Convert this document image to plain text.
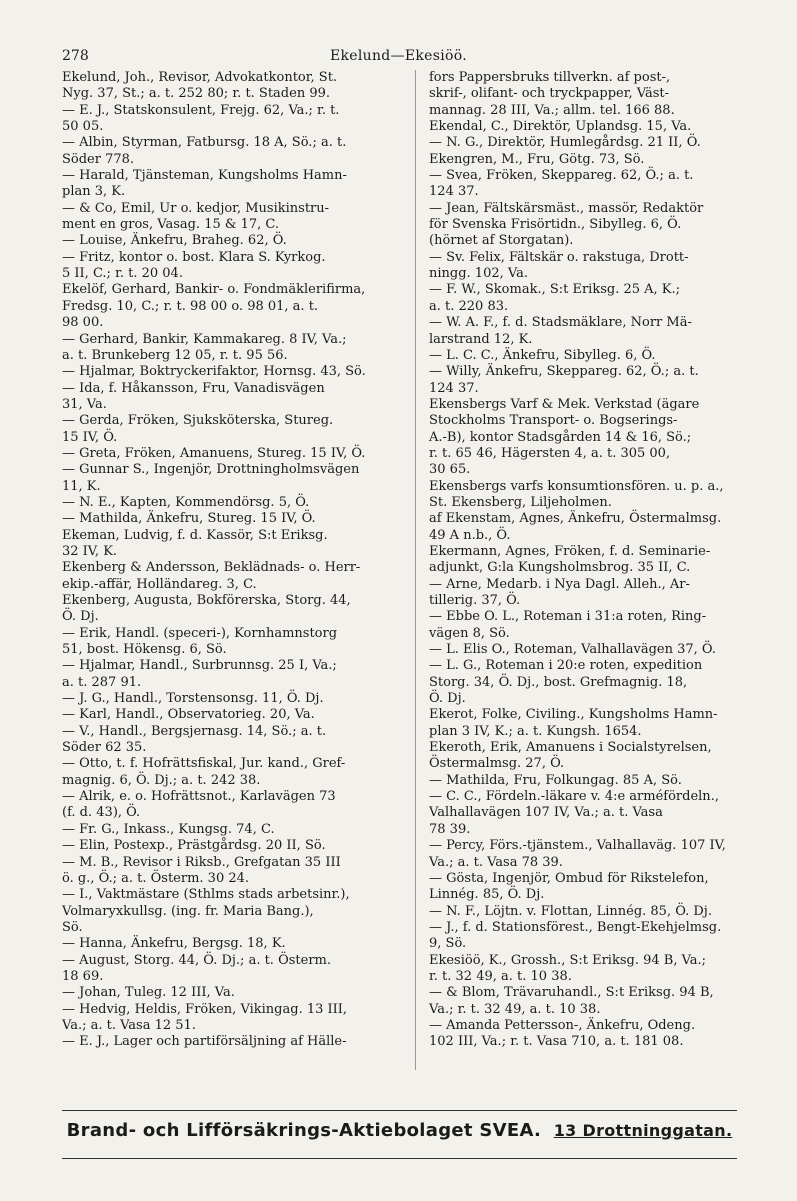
278	Ekelund—Ekesiöö.
Ekelund, Joh., Revisor, Advokatkontor, St.
Nyg. 37, St.; a. t. 252 80; r. t. Staden 99.
— E. J., Statskonsulent, Frejg. 62, Va.; r. t.
50 05.
— Albin, Styrman, Fatbursg. 18 A, Sö.; a. t.
Söder 778.
— Harald, Tjänsteman, Kungsholms Hamn-
plan 3, K.
— & Co, Emil, Ur o. kedjor, Musikinstru-
ment en gros, Vasag. 15 & 17, C.
— Louise, Änkefru, Braheg. 62, Ö.
— Fritz, kontor o. bost. Klara S. Kyrkog.
5 II, C.; r. t. 20 04.
Ekelöf, Gerhard, Bankir- o. Fondmäklerifirma,
Fredsg. 10, C.; r. t. 98 00 o. 98 01, a. t.
98 00.
— Gerhard, Bankir, Kammakareg. 8 IV, Va.;
a. t. Brunkeberg 12 05, r. t. 95 56.
— Hjalmar, Boktryckerifaktor, Hornsg. 43, Sö.
— Ida, f. Håkansson, Fru, Vanadisvägen
31, Va.
— Gerda, Fröken, Sjuksköterska, Stureg.
15 IV, Ö.
— Greta, Fröken, Amanuens, Stureg. 15 IV, Ö.
— Gunnar S., Ingenjör, Drottningholmsvägen
11, K.
— N. E., Kapten, Kommendörsg. 5, Ö.
— Mathilda, Änkefru, Stureg. 15 IV, Ö.
Ekeman, Ludvig, f. d. Kassör, S:t Eriksg.
32 IV, K.
Ekenberg & Andersson, Beklädnads- o. Herr-
ekip.-affär, Holländareg. 3, C.
Ekenberg, Augusta, Bokförerska, Storg. 44,
Ö. Dj.
— Erik, Handl. (speceri-), Kornhamnstorg
51, bost. Hökensg. 6, Sö.
— Hjalmar, Handl., Surbrunnsg. 25 I, Va.;
a. t. 287 91.
— J. G., Handl., Torstensonsg. 11, Ö. Dj.
— Karl, Handl., Observatorieg. 20, Va.
— V., Handl., Bergsjernasg. 14, Sö.; a. t.
Söder 62 35.
— Otto, t. f. Hofrättsfiskal, Jur. kand., Gref-
magnig. 6, Ö. Dj.; a. t. 242 38.
— Alrik, e. o. Hofrättsnot., Karlavägen 73
(f. d. 43), Ö.
— Fr. G., Inkass., Kungsg. 74, C.
— Elin, Postexp., Prästgårdsg. 20 II, Sö.
— M. B., Revisor i Riksb., Grefgatan 35 III
ö. g., Ö.; a. t. Österm. 30 24.
— I., Vaktmästare (Sthlms stads arbetsinr.),
Volmaryxkullsg. (ing. fr. Maria Bang.),
Sö.
— Hanna, Änkefru, Bergsg. 18, K.
— August, Storg. 44, Ö. Dj.; a. t. Österm.
18 69.
— Johan, Tuleg. 12 III, Va.
— Hedvig, Heldis, Fröken, Vikingag. 13 III,
Va.; a. t. Vasa 12 51.
— E. J., Lager och partiförsäljning af Hälle-
fors Pappersbruks tillverkn. af post-,
skrif-, olifant- och tryckpapper, Väst-
mannag. 28 III, Va.; allm. tel. 166 88.
Ekendal, C., Direktör, Uplandsg. 15, Va.
— N. G., Direktör, Humlegårdsg. 21 II, Ö.
Ekengren, M., Fru, Götg. 73, Sö.
— Svea, Fröken, Skeppareg. 62, Ö.; a. t.
124 37.
— Jean, Fältskärsmäst., massör, Redaktör
för Svenska Frisörtidn., Sibylleg. 6, Ö.
(hörnet af Storgatan).
— Sv. Felix, Fältskär o. rakstuga, Drott-
ningg. 102, Va.
— F. W., Skomak., S:t Eriksg. 25 A, K.;
a. t. 220 83.
— W. A. F., f. d. Stadsmäklare, Norr Mä-
larstrand 12, K.
— L. C. C., Änkefru, Sibylleg. 6, Ö.
— Willy, Änkefru, Skeppareg. 62, Ö.; a. t.
124 37.
Ekensbergs Varf & Mek. Verkstad (ägare
Stockholms Transport- o. Bogserings-
A.-B), kontor Stadsgården 14 & 16, Sö.;
r. t. 65 46, Hägersten 4, a. t. 305 00,
30 65.
Ekensbergs varfs konsumtionsfören. u. p. a.,
St. Ekensberg, Liljeholmen.
af Ekenstam, Agnes, Änkefru, Östermalmsg.
49 A n.b., Ö.
Ekermann, Agnes, Fröken, f. d. Seminarie-
adjunkt, G:la Kungsholmsbrog. 35 II, C.
— Arne, Medarb. i Nya Dagl. Alleh., Ar-
tillerig. 37, Ö.
— Ebbe O. L., Roteman i 31:a roten, Ring-
vägen 8, Sö.
— L. Elis O., Roteman, Valhallavägen 37, Ö.
— L. G., Roteman i 20:e roten, expedition
Storg. 34, Ö. Dj., bost. Grefmagnig. 18,
Ö. Dj.
Ekerot, Folke, Civiling., Kungsholms Hamn-
plan 3 IV, K.; a. t. Kungsh. 1654.
Ekeroth, Erik, Amanuens i Socialstyrelsen,
Östermalmsg. 27, Ö.
— Mathilda, Fru, Folkungag. 85 A, Sö.
— C. C., Fördeln.-läkare v. 4:e arméfördeln.,
Valhallavägen 107 IV, Va.; a. t. Vasa
78 39.
— Percy, Förs.-tjänstem., Valhallaväg. 107 IV,
Va.; a. t. Vasa 78 39.
— Gösta, Ingenjör, Ombud för Rikstelefon,
Linnég. 85, Ö. Dj.
— N. F., Löjtn. v. Flottan, Linnég. 85, Ö. Dj.
— J., f. d. Stationsförest., Bengt-Ekehjelmsg.
9, Sö.
Ekesiöö, K., Grossh., S:t Eriksg. 94 B, Va.;
r. t. 32 49, a. t. 10 38.
— & Blom, Trävaruhandl., S:t Eriksg. 94 B,
Va.; r. t. 32 49, a. t. 10 38.
— Amanda Pettersson-, Änkefru, Odeng.
102 III, Va.; r. t. Vasa 710, a. t. 181 08.
Brand- och Lifförsäkrings-Aktiebolaget SVEA. 13 Drottninggatan.
